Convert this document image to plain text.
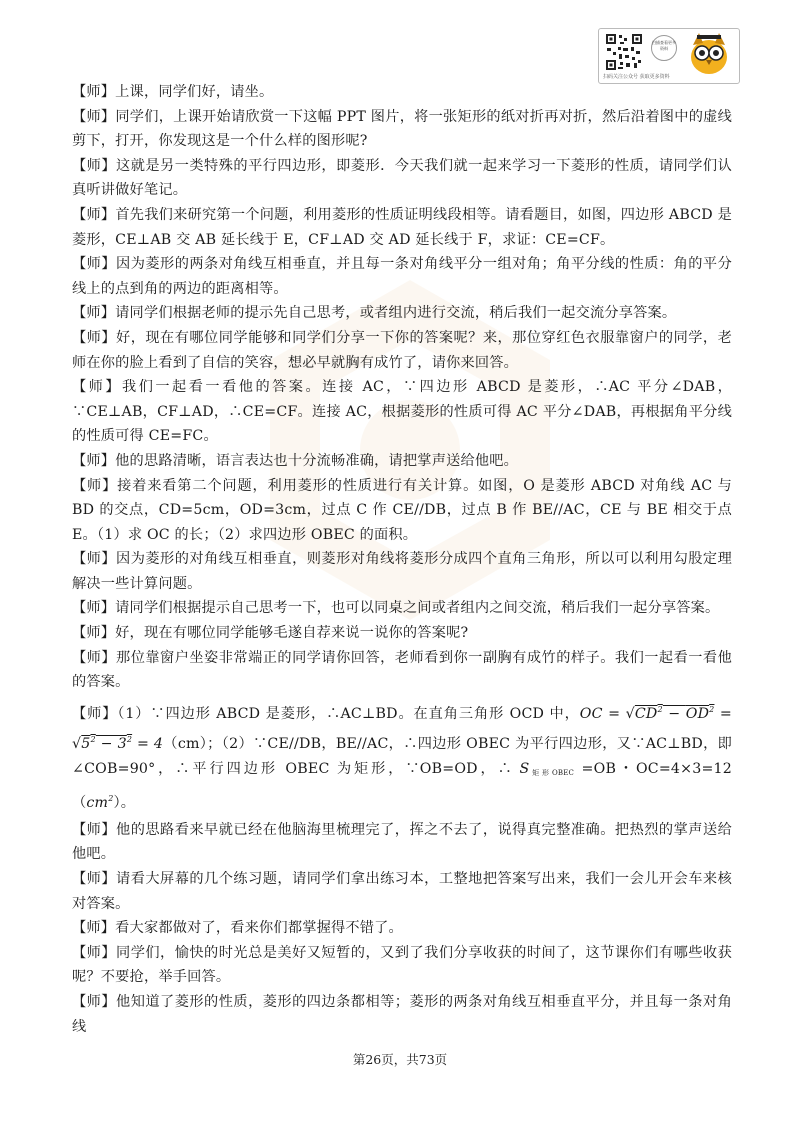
扫描查看更多资料
扫码关注公众号 获取更多资料

【师】上课，同学们好，请坐。

【师】同学们，上课开始请欣赏一下这幅 PPT 图片，将一张矩形的纸对折再对折，然后沿着图中的虚线剪下，打开，你发现这是一个什么样的图形呢?

【师】这就是另一类特殊的平行四边形，即菱形．今天我们就一起来学习一下菱形的性质，请同学们认真听讲做好笔记。

【师】首先我们来研究第一个问题，利用菱形的性质证明线段相等。请看题目，如图，四边形 ABCD 是菱形，CE⊥AB 交 AB 延长线于 E，CF⊥AD 交 AD 延长线于 F，求证：CE=CF。

【师】因为菱形的两条对角线互相垂直，并且每一条对角线平分一组对角；角平分线的性质：角的平分线上的点到角的两边的距离相等。

【师】请同学们根据老师的提示先自己思考，或者组内进行交流，稍后我们一起交流分享答案。

【师】好，现在有哪位同学能够和同学们分享一下你的答案呢？来，那位穿红色衣服靠窗户的同学，老师在你的脸上看到了自信的笑容，想必早就胸有成竹了，请你来回答。

【师】我们一起看一看他的答案。连接 AC，∵四边形 ABCD 是菱形，∴AC 平分∠DAB，∵CE⊥AB，CF⊥AD，∴CE=CF。连接 AC，根据菱形的性质可得 AC 平分∠DAB，再根据角平分线的性质可得 CE=FC。

【师】他的思路清晰，语言表达也十分流畅准确，请把掌声送给他吧。

【师】接着来看第二个问题，利用菱形的性质进行有关计算。如图，O 是菱形 ABCD 对角线 AC 与 BD 的交点，CD=5cm，OD=3cm，过点 C 作 CE//DB，过点 B 作 BE//AC，CE 与 BE 相交于点 E。（1）求 OC 的长；（2）求四边形 OBEC 的面积。

【师】因为菱形的对角线互相垂直，则菱形对角线将菱形分成四个直角三角形，所以可以利用勾股定理解决一些计算问题。

【师】请同学们根据提示自己思考一下，也可以同桌之间或者组内之间交流，稍后我们一起分享答案。

【师】好，现在有哪位同学能够毛遂自荐来说一说你的答案呢?

【师】那位靠窗户坐姿非常端正的同学请你回答，老师看到你一副胸有成竹的样子。我们一起看一看他的答案。

【师】（1）∵四边形 ABCD 是菱形，∴AC⊥BD。在直角三角形 OCD 中，OC = $√CD^2 - OD^2 = √5^2 - 3^2 = 4(cm)$；（2）∵CE//DB，BE//AC，∴四边形 OBEC 为平行四边形，又∵AC⊥BD，即∠COB=90°，∴平行四边形 OBEC 为矩形，∵OB=OD，∴ $S_{矩形OBEC} =OB$・$OC=4\times 3=12(cm^2)$。

【师】他的思路看来早就已经在他脑海里梳理完了，挥之不去了，说得真完整准确。把热烈的掌声送给他吧。

【师】请看大屏幕的几个练习题，请同学们拿出练习本，工整地把答案写出来，我们一会儿开会车来核对答案。

【师】看大家都做对了，看来你们都掌握得不错了。

【师】同学们，愉快的时光总是美好又短暂的，又到了我们分享收获的时间了，这节课你们有哪些收获呢？不要抢，举手回答。

【师】他知道了菱形的性质，菱形的四边条都相等；菱形的两条对角线互相垂直平分，并且每一条对角线

第26页，共73页
